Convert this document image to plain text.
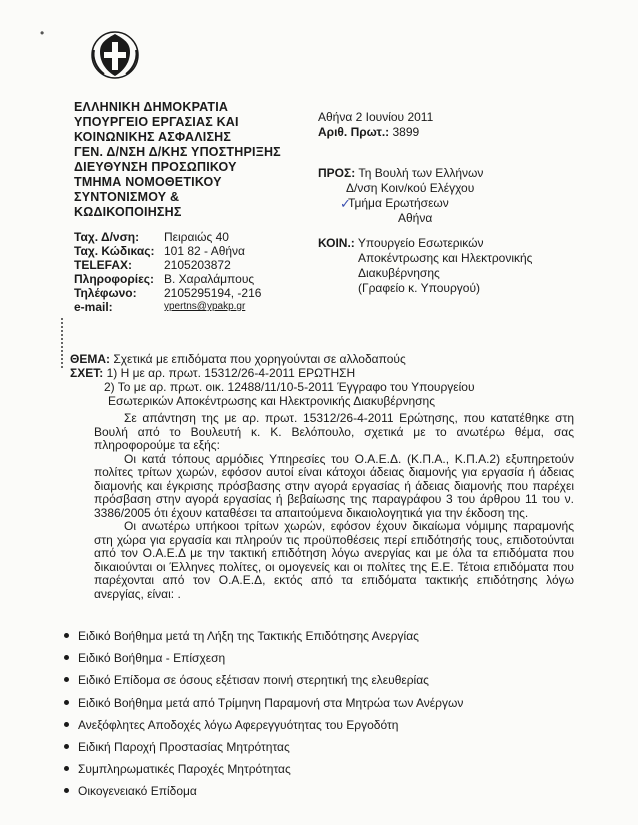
•
ΕΛΛΗΝΙΚΗ ΔΗΜΟΚΡΑΤΙΑ
ΥΠΟΥΡΓΕΙΟ ΕΡΓΑΣΙΑΣ ΚΑΙ
ΚΟΙΝΩΝΙΚΗΣ ΑΣΦΑΛΙΣΗΣ
ΓΕΝ. Δ/ΝΣΗ Δ/ΚΗΣ ΥΠΟΣΤΗΡΙΞΗΣ
ΔΙΕΥΘΥΝΣΗ ΠΡΟΣΩΠΙΚΟΥ
ΤΜΗΜΑ ΝΟΜΟΘΕΤΙΚΟΥ
ΣΥΝΤΟΝΙΣΜΟΥ &
ΚΩΔΙΚΟΠΟΙΗΣΗΣ
Αθήνα 2 Ιουνίου 2011
Αριθ. Πρωτ.: 3899
ΠΡΟΣ: Τη Βουλή των Ελλήνων
Δ/νση Κοιν/κού Ελέγχου
Τμήμα Ερωτήσεων
Αθήνα
✓
ΚΟΙΝ.: Υπουργείο Εσωτερικών
Αποκέντρωσης και Ηλεκτρονικής
Διακυβέρνησης
(Γραφείο κ. Υπουργού)
Ταχ. Δ/νση:	Πειραιώς 40
Ταχ. Κώδικας: 101 82 - Αθήνα
TELEFAX:	2105203872
Πληροφορίες: Β. Χαραλάμπους
Τηλέφωνο:	2105295194, -216
e-mail:	ypertns@ypakp.gr
ΘΕΜΑ: Σχετικά με επιδόματα που χορηγούνται σε αλλοδαπούς
ΣΧΕΤ: 1) Η με αρ. πρωτ. 15312/26-4-2011 ΕΡΩΤΗΣΗ
2) Το με αρ. πρωτ. οικ. 12488/11/10-5-2011 Έγγραφο του Υπουργείου
Εσωτερικών Αποκέντρωσης και Ηλεκτρονικής Διακυβέρνησης

Σε απάντηση της με αρ. πρωτ. 15312/26-4-2011 Ερώτησης, που κατατέθηκε στη Βουλή από το Βουλευτή κ. Κ. Βελόπουλο, σχετικά με το ανωτέρω θέμα, σας πληροφορούμε τα εξής:

Οι κατά τόπους αρμόδιες Υπηρεσίες του Ο.Α.Ε.Δ. (Κ.Π.Α., Κ.Π.Α.2) εξυπηρετούν πολίτες τρίτων χωρών, εφόσον αυτοί είναι κάτοχοι άδειας διαμονής για εργασία ή άδειας διαμονής και έγκρισης πρόσβασης στην αγορά εργασίας ή άδειας διαμονής που παρέχει πρόσβαση στην αγορά εργασίας ή βεβαίωσης της παραγράφου 3 του άρθρου 11 του ν. 3386/2005 ότι έχουν καταθέσει τα απαιτούμενα δικαιολογητικά για την έκδοση της.

Οι ανωτέρω υπήκοοι τρίτων χωρών, εφόσον έχουν δικαίωμα νόμιμης παραμονής στη χώρα για εργασία και πληρούν τις προϋποθέσεις περί επιδότησής τους, επιδοτούνται από τον Ο.Α.Ε.Δ με την τακτική επιδότηση λόγω ανεργίας και με όλα τα επιδόματα που δικαιούνται οι Έλληνες πολίτες, οι ομογενείς και οι πολίτες της Ε.Ε. Τέτοια επιδόματα που παρέχονται από τον Ο.Α.Ε.Δ, εκτός από τα επιδόματα τακτικής επιδότησης λόγω ανεργίας, είναι: .

Ειδικό Βοήθημα μετά τη Λήξη της Τακτικής Επιδότησης Ανεργίας
Ειδικό Βοήθημα - Επίσχεση
Ειδικό Επίδομα σε όσους εξέτισαν ποινή στερητική της ελευθερίας
Ειδικό Βοήθημα μετά από Τρίμηνη Παραμονή στα Μητρώα των Ανέργων
Ανεξόφλητες Αποδοχές λόγω Αφερεγγυότητας του Εργοδότη
Ειδική Παροχή Προστασίας Μητρότητας
Συμπληρωματικές Παροχές Μητρότητας
Οικογενειακό Επίδομα
